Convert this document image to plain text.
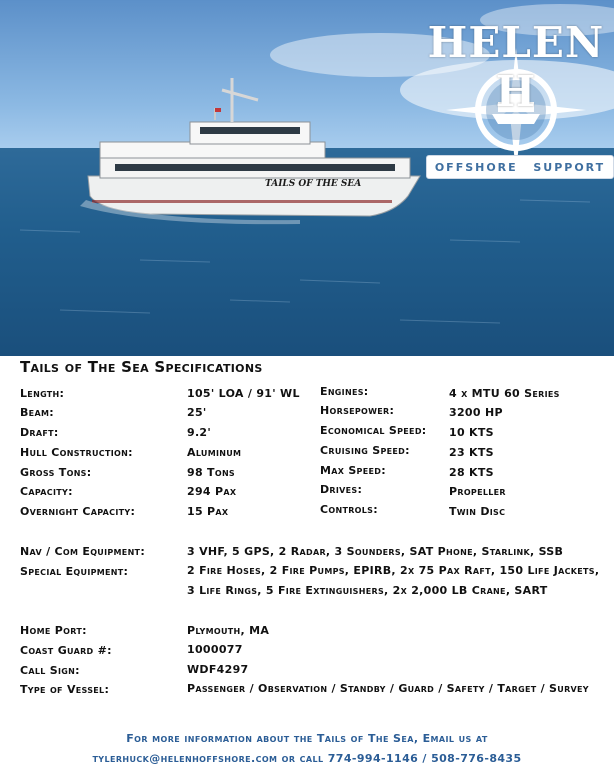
TAILS OF THE SEA
HELEN H
OFFSHORE SUPPORT
Tails of The Sea Specifications
Length:	105' LOA / 91' WL
Beam:	25'
Draft:	9.2'
Hull Construction:	Aluminum
Gross Tons:	98 Tons
Capacity:	294 Pax
Overnight Capacity:	15 Pax
Engines:	4 x MTU 60 Series
Horsepower:	3200 HP
Economical Speed: 10 KTS
Cruising Speed:	23 KTS
Max Speed:	28 KTS
Drives:	Propeller
Controls:	Twin Disc
Nav / Com Equipment:	3 VHF, 5 GPS, 2 Radar, 3 Sounders, SAT Phone, Starlink, SSB
Special Equipment:	2 Fire Hoses, 2 Fire Pumps, EPIRB, 2x 75 Pax Raft, 150 Life Jackets, 3 Life Rings, 5 Fire Extinguishers, 2x 2,000 LB Crane, SART
Home Port:	Plymouth, MA
Coast Guard #:	1000077
Call Sign:	WDF4297
Type of Vessel:	Passenger / Observation / Standby / Guard / Safety / Target / Survey
For more information about the Tails of The Sea, Email us at
tylerhuck@helenhoffshore.com or call 774-994-1146 / 508-776-8435
